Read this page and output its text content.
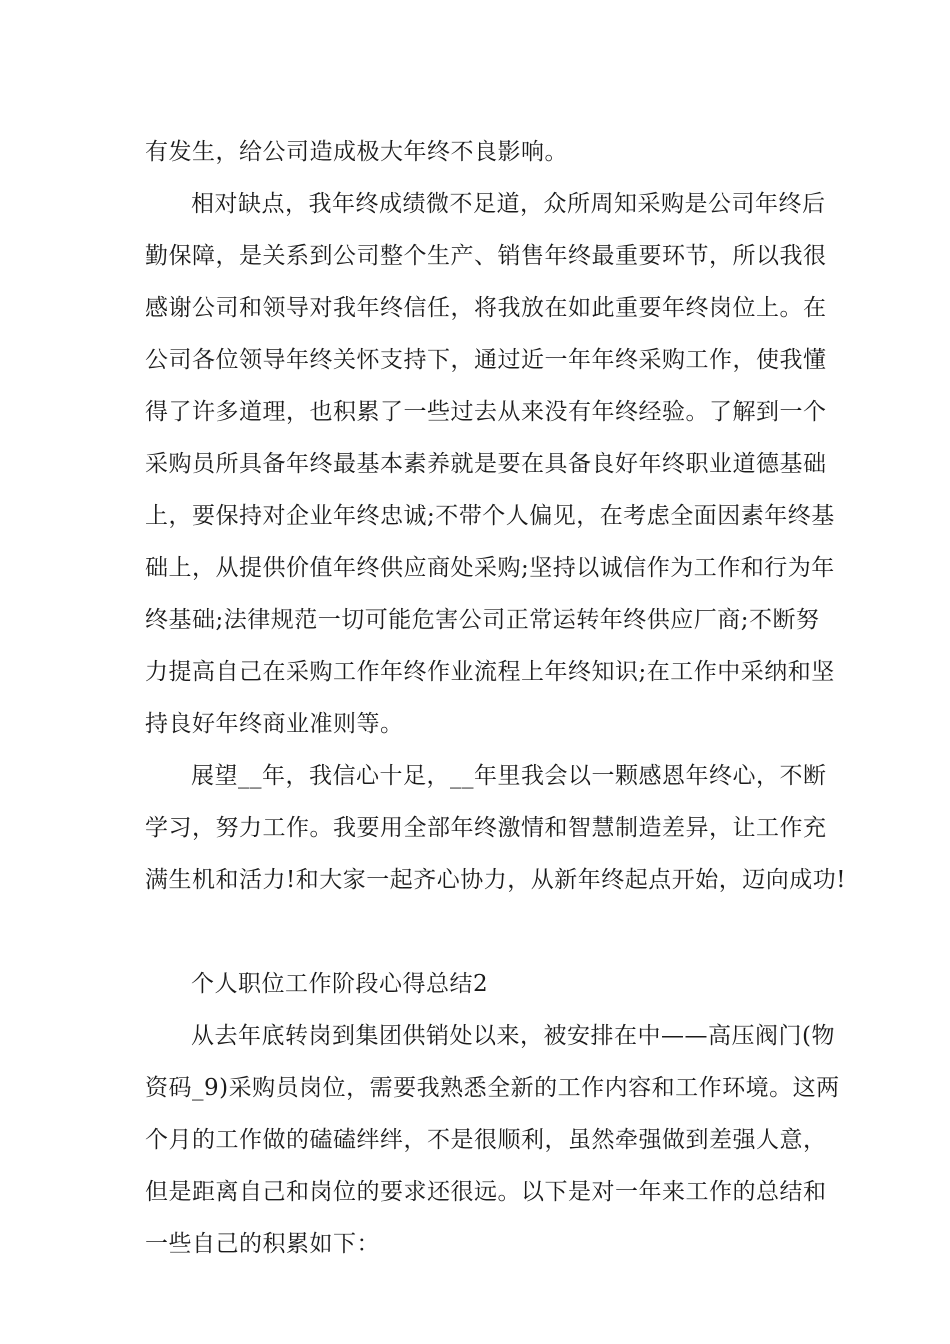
有发生，给公司造成极大年终不良影响。
相对缺点，我年终成绩微不足道，众所周知采购是公司年终后
勤保障，是关系到公司整个生产、销售年终最重要环节，所以我很
感谢公司和领导对我年终信任，将我放在如此重要年终岗位上。在
公司各位领导年终关怀支持下，通过近一年年终采购工作，使我懂
得了许多道理，也积累了一些过去从来没有年终经验。了解到一个
采购员所具备年终最基本素养就是要在具备良好年终职业道德基础
上，要保持对企业年终忠诚;不带个人偏见，在考虑全面因素年终基
础上，从提供价值年终供应商处采购;坚持以诚信作为工作和行为年
终基础;法律规范一切可能危害公司正常运转年终供应厂商;不断努
力提高自己在采购工作年终作业流程上年终知识;在工作中采纳和坚
持良好年终商业准则等。
展望__年，我信心十足，__年里我会以一颗感恩年终心，不断
学习，努力工作。我要用全部年终激情和智慧制造差异，让工作充
满生机和活力!和大家一起齐心协力，从新年终起点开始，迈向成功!
个人职位工作阶段心得总结2
从去年底转岗到集团供销处以来，被安排在中——高压阀门(物
资码_9)采购员岗位，需要我熟悉全新的工作内容和工作环境。这两
个月的工作做的磕磕绊绊，不是很顺利，虽然牵强做到差强人意，
但是距离自己和岗位的要求还很远。以下是对一年来工作的总结和
一些自己的积累如下：
